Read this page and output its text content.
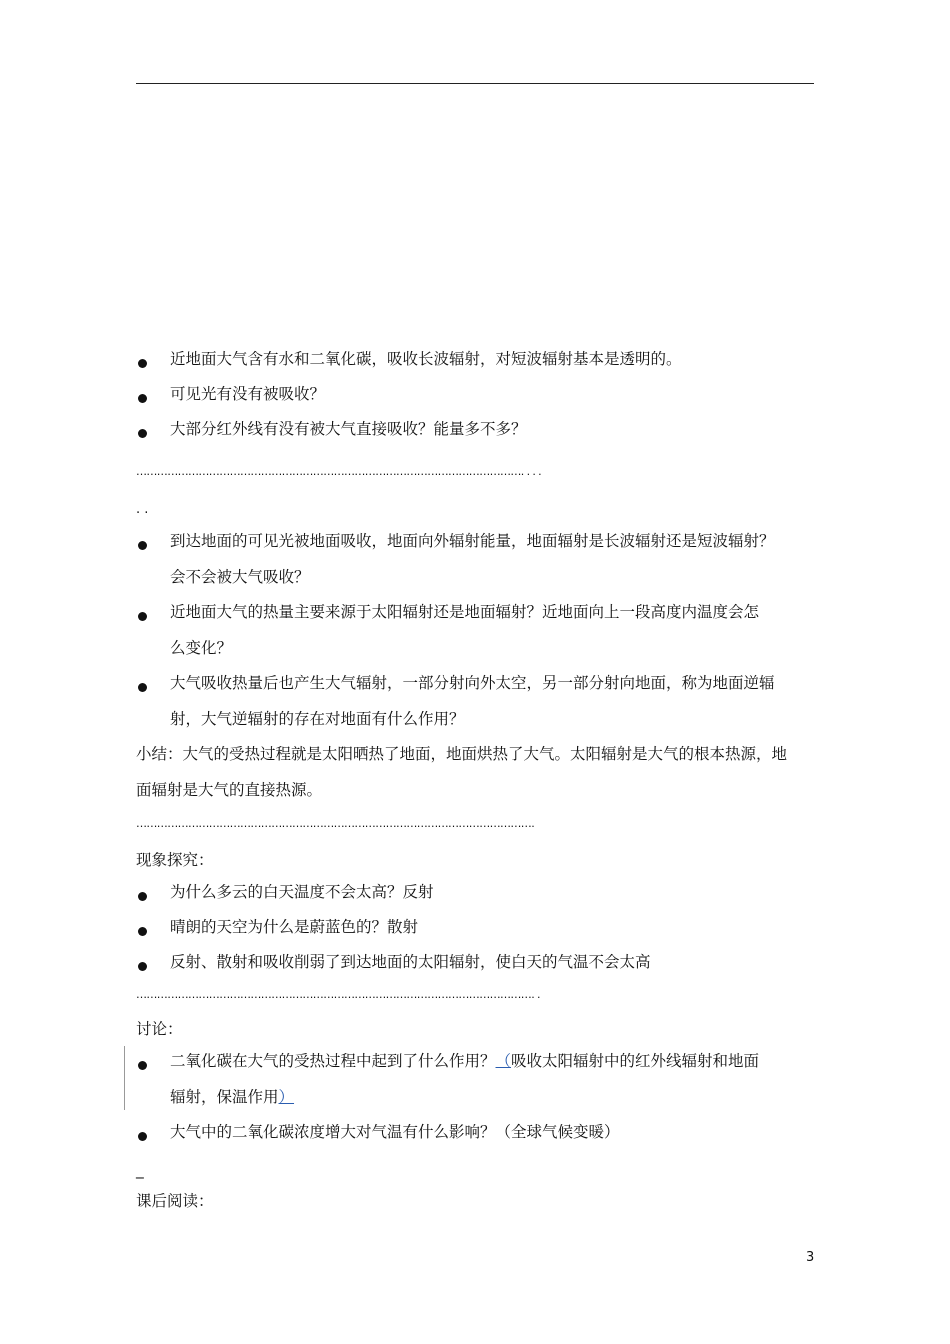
近地面大气含有水和二氧化碳，吸收长波辐射，对短波辐射基本是透明的。
可见光有没有被吸收？
大部分红外线有没有被大气直接吸收？能量多不多？
…………………………………………………………………………………………………. . . .
. .
到达地面的可见光被地面吸收，地面向外辐射能量，地面辐射是长波辐射还是短波辐射？
会不会被大气吸收？
近地面大气的热量主要来源于太阳辐射还是地面辐射？近地面向上一段高度内温度会怎
么变化？
大气吸收热量后也产生大气辐射，一部分射向外太空，另一部分射向地面，称为地面逆辐
射，大气逆辐射的存在对地面有什么作用？
小结：大气的受热过程就是太阳晒热了地面，地面烘热了大气。太阳辐射是大气的根本热源，地
面辐射是大气的直接热源。
…………………………………………………………………………………………………….
现象探究：
为什么多云的白天温度不会太高？反射
晴朗的天空为什么是蔚蓝色的？散射
反射、散射和吸收削弱了到达地面的太阳辐射，使白天的气温不会太高
……………………………………………………………………………………………………. .
讨论：
二氧化碳在大气的受热过程中起到了什么作用？（吸收太阳辐射中的红外线辐射和地面
辐射，保温作用）
大气中的二氧化碳浓度增大对气温有什么影响？（全球气候变暖）
_
课后阅读：
3
